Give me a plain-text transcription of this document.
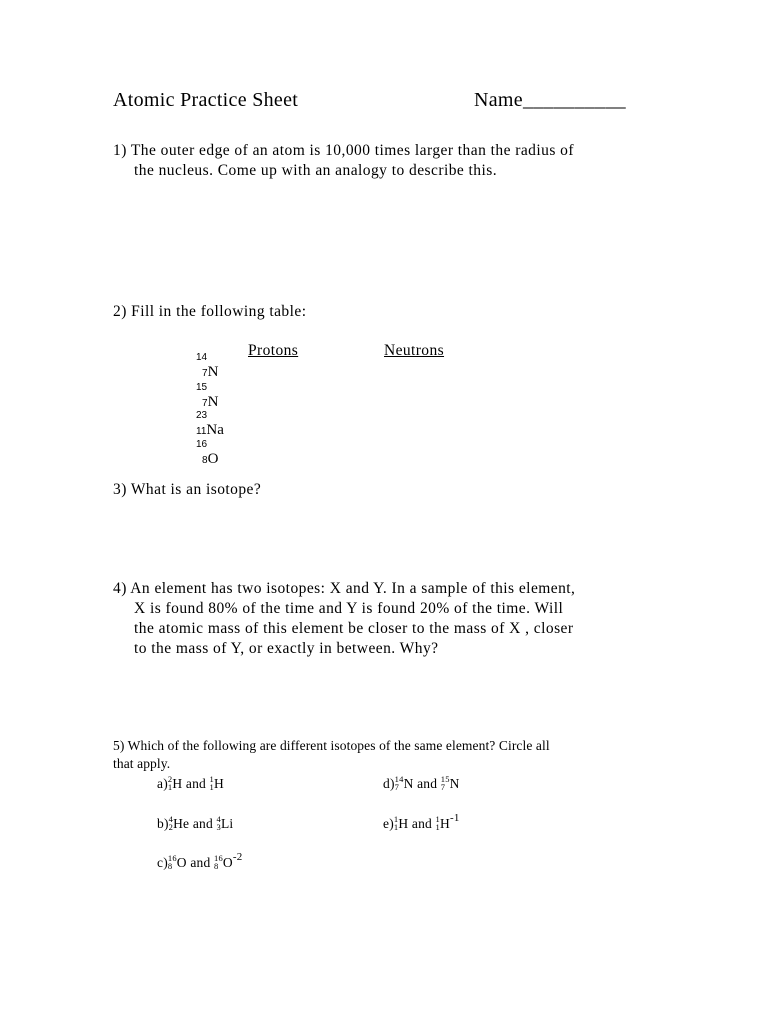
Atomic Practice Sheet	Name__________
1) The outer edge of an atom is 10,000 times larger than the radius of
the nucleus. Come up with an analogy to describe this.
2) Fill in the following table:
Protons	Neutrons
14
7N
15
7N
23
11Na
16
8O
3) What is an isotope?
4) An element has two isotopes: X and Y. In a sample of this element,
X is found 80% of the time and Y is found 20% of the time. Will
the atomic mass of this element be closer to the mass of X , closer
to the mass of Y, or exactly in between. Why?
5) Which of the following are different isotopes of the same element? Circle all
that apply.
a) 2
1 H and 1
1 H
b) 4
2 He and 4
3 Li
c) 16
8 O and 16
8 O -2
d) 14
7 N and 15
7 N
e) 1
1 H and 1
1 H -1
